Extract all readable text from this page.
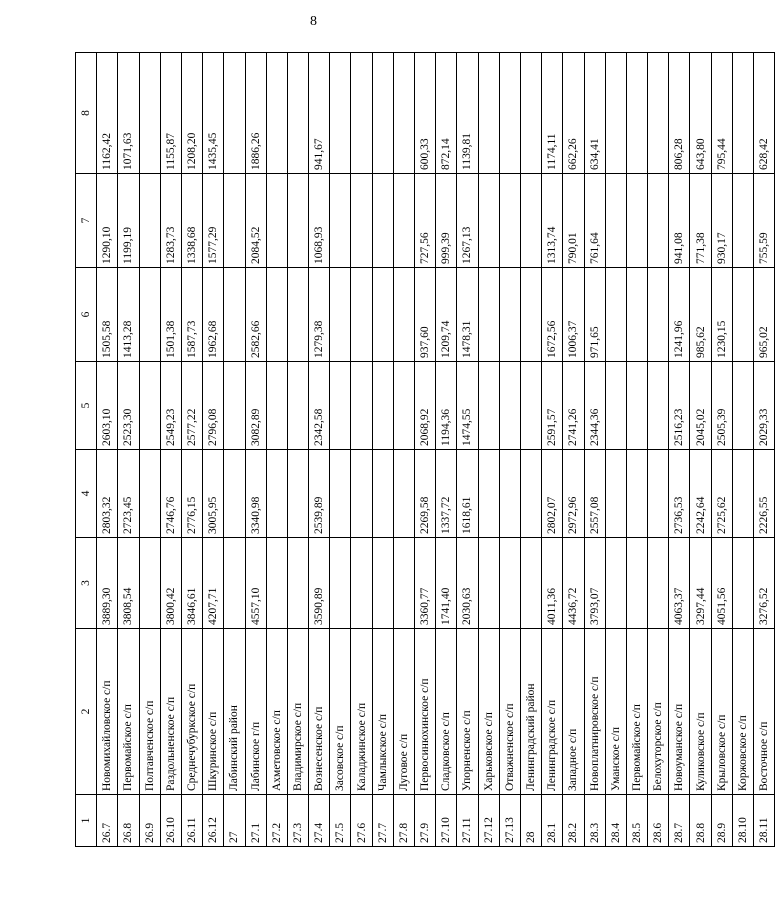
8
1	2	3	4	5	6	7	8
26.7	Новомихайловское с/п	3889,30	2803,32	2603,10	1505,58	1290,10	1162,42
26.8	Первомайское с/п	3808,54	2723,45	2523,30	1413,28	1199,19	1071,63
26.9	Полтавченское с/п						
26.10	Раздольненское с/п	3800,42	2746,76	2549,23	1501,38	1283,73	1155,87
26.11	Среднечубуркское с/п	3846,61	2776,15	2577,22	1587,73	1338,68	1208,20
26.12	Шкуринское с/п	4207,71	3005,95	2796,08	1962,68	1577,29	1435,45
27	Лабинский район						
27.1	Лабинское г/п	4557,10	3340,98	3082,89	2582,66	2084,52	1886,26
27.2	Ахметовское с/п						
27.3	Владимирское с/п						
27.4	Вознесенское с/п	3590,89	2539,89	2342,58	1279,38	1068,93	941,67
27.5	Засовское с/п						
27.6	Каладжинское с/п						
27.7	Чамлыкское с/п						
27.8	Луговое с/п						
27.9	Первосинюхинское с/п	3360,77	2269,58	2068,92	937,60	727,56	600,33
27.10	Сладковское с/п	1741,40	1337,72	1194,36	1209,74	999,39	872,14
27.11	Упорненское с/п	2030,63	1618,61	1474,55	1478,31	1267,13	1139,81
27.12	Харьковское с/п						
27.13	Отважненское с/п						
28	Ленинградский район						
28.1	Ленинградское с/п	4011,36	2802,07	2591,57	1672,56	1313,74	1174,11
28.2	Западное с/п	4436,72	2972,96	2741,26	1006,37	790,01	662,26
28.3	Новоплатнировское с/п	3793,07	2557,08	2344,36	971,65	761,64	634,41
28.4	Уманское с/п						
28.5	Первомайское с/п						
28.6	Белохуторское с/п						
28.7	Новоуманское с/п	4063,37	2736,53	2516,23	1241,96	941,08	806,28
28.8	Куликовское с/п	3297,44	2242,64	2045,02	985,62	771,38	643,80
28.9	Крыловское с/п	4051,56	2725,62	2505,39	1230,15	930,17	795,44
28.10	Коржовское с/п						
28.11	Восточное с/п	3276,52	2226,55	2029,33	965,02	755,59	628,42
